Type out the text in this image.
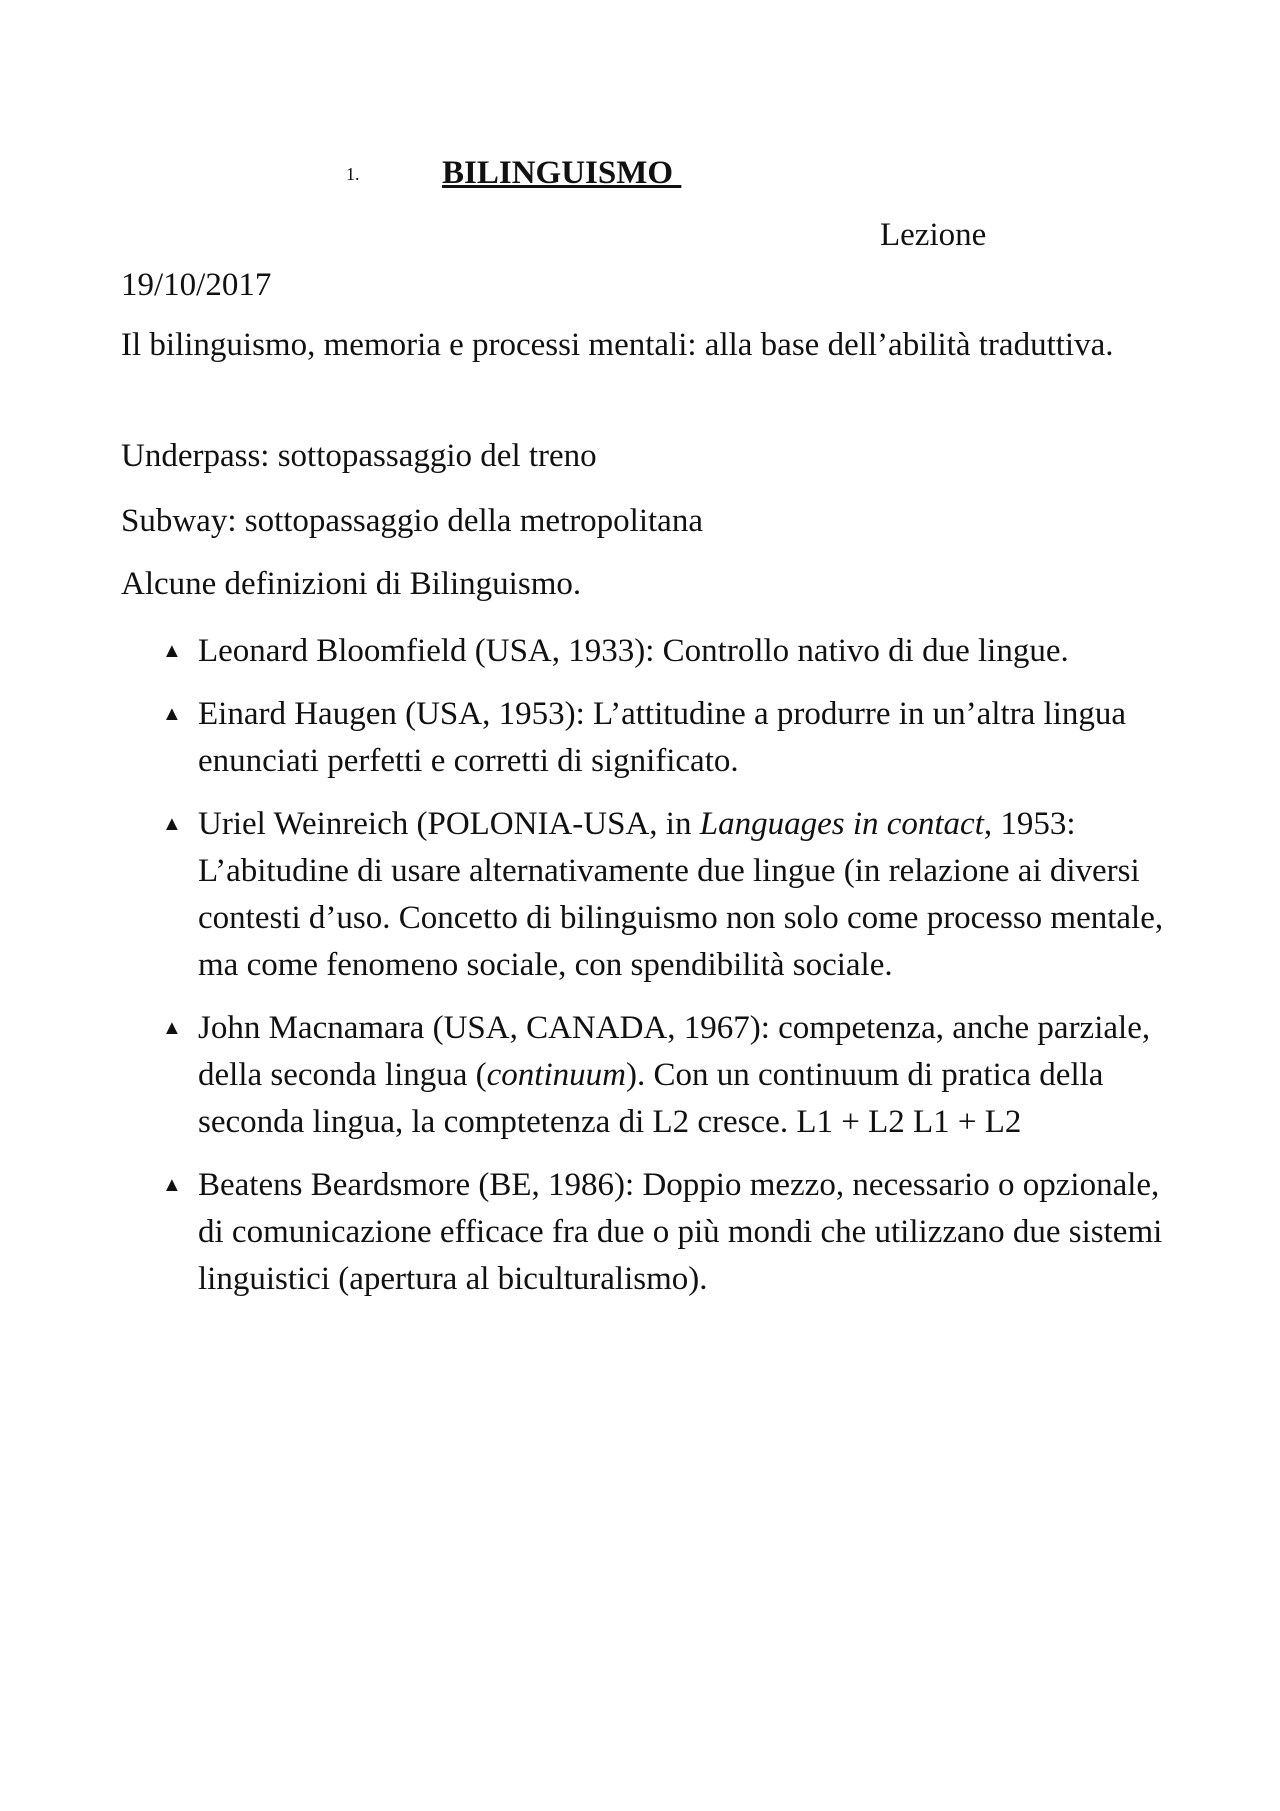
1.	BILINGUISMO
Lezione
19/10/2017
Il bilinguismo, memoria e processi mentali: alla base dell’abilità traduttiva.
Underpass: sottopassaggio del treno
Subway: sottopassaggio della metropolitana
Alcune definizioni di Bilinguismo.
▲ Leonard Bloomfield (USA, 1933): Controllo nativo di due lingue.
▲ Einard Haugen (USA, 1953): L’attitudine a produrre in un’altra lingua enunciati perfetti e corretti di significato.
▲ Uriel Weinreich (POLONIA-USA, in Languages in contact, 1953: L’abitudine di usare alternativamente due lingue (in relazione ai diversi contesti d’uso. Concetto di bilinguismo non solo come processo mentale, ma come fenomeno sociale, con spendibilità sociale.
▲ John Macnamara (USA, CANADA, 1967): competenza, anche parziale, della seconda lingua (continuum). Con un continuum di pratica della seconda lingua, la comptetenza di L2 cresce. L1 + L2 L1 + L2
▲ Beatens Beardsmore (BE, 1986): Doppio mezzo, necessario o opzionale, di comunicazione efficace fra due o più mondi che utilizzano due sistemi linguistici (apertura al biculturalismo).
